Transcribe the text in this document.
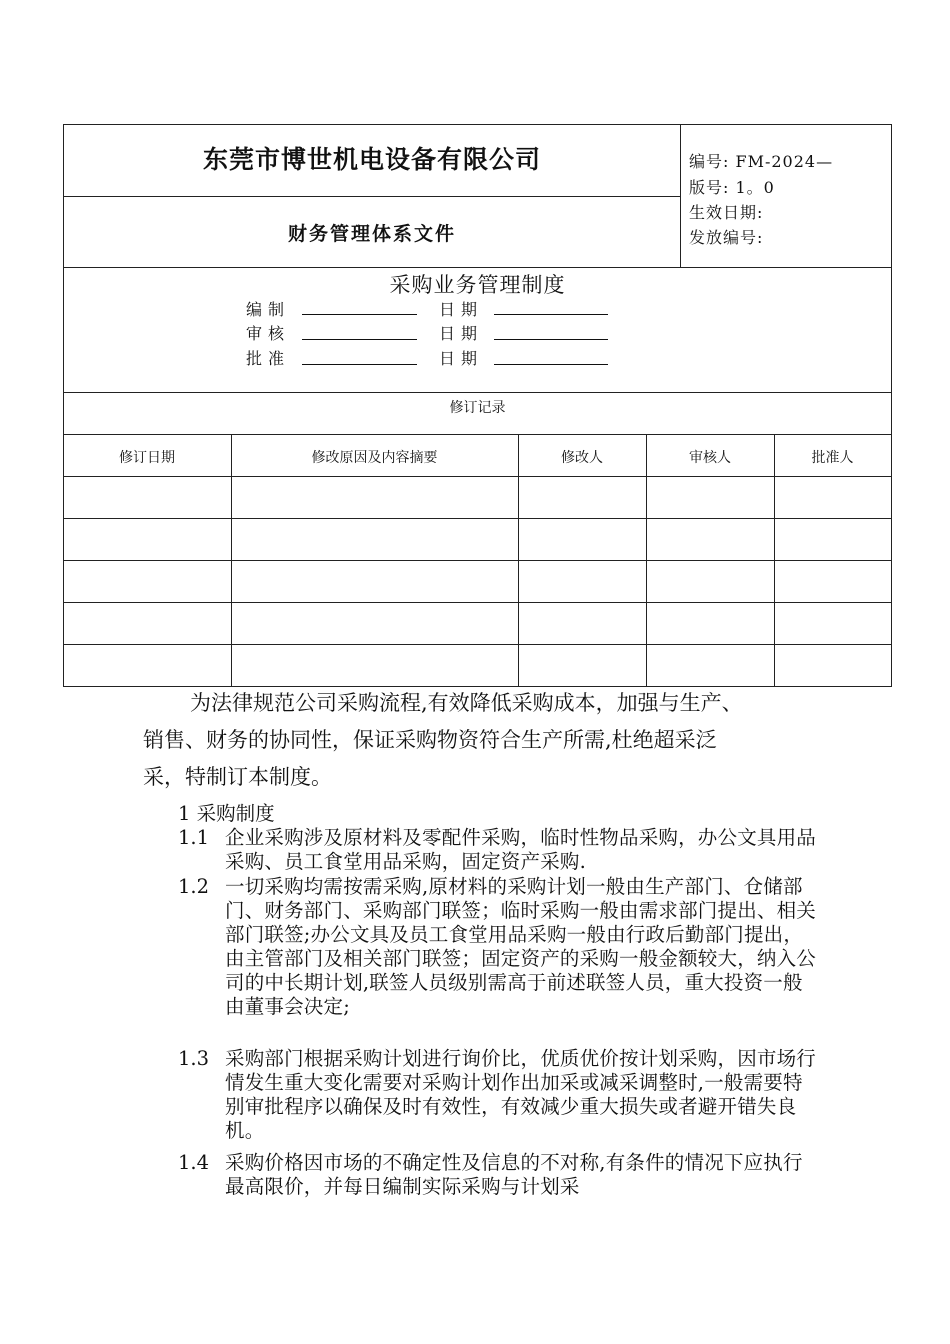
东莞市博世机电设备有限公司
财务管理体系文件
编号: FM-2024—
版号: 1。0
生效日期:
发放编号:
采购业务管理制度
编制	日期
审核	日期
批准	日期
修订记录
修订日期	修改原因及内容摘要	修改人	审核人	批准人
为法律规范公司采购流程,有效降低采购成本，加强与生产、
销售、财务的协同性，保证采购物资符合生产所需,杜绝超采泛
采，特制订本制度。
1 采购制度
1.1 企业采购涉及原材料及零配件采购，临时性物品采购，办公文具用品采购、员工食堂用品采购，固定资产采购.
1.2 一切采购均需按需采购,原材料的采购计划一般由生产部门、仓储部门、财务部门、采购部门联签；临时采购一般由需求部门提出、相关部门联签;办公文具及员工食堂用品采购一般由行政后勤部门提出， 由主管部门及相关部门联签；固定资产的采购一般金额较大，纳入公司的中长期计划,联签人员级别需高于前述联签人员，重大投资一般由董事会决定;
1.3 采购部门根据采购计划进行询价比，优质优价按计划采购，因市场行情发生重大变化需要对采购计划作出加采或减采调整时,一般需要特别审批程序以确保及时有效性，有效减少重大损失或者避开错失良机。
1.4 采购价格因市场的不确定性及信息的不对称,有条件的情况下应执行最高限价，并每日编制实际采购与计划采
